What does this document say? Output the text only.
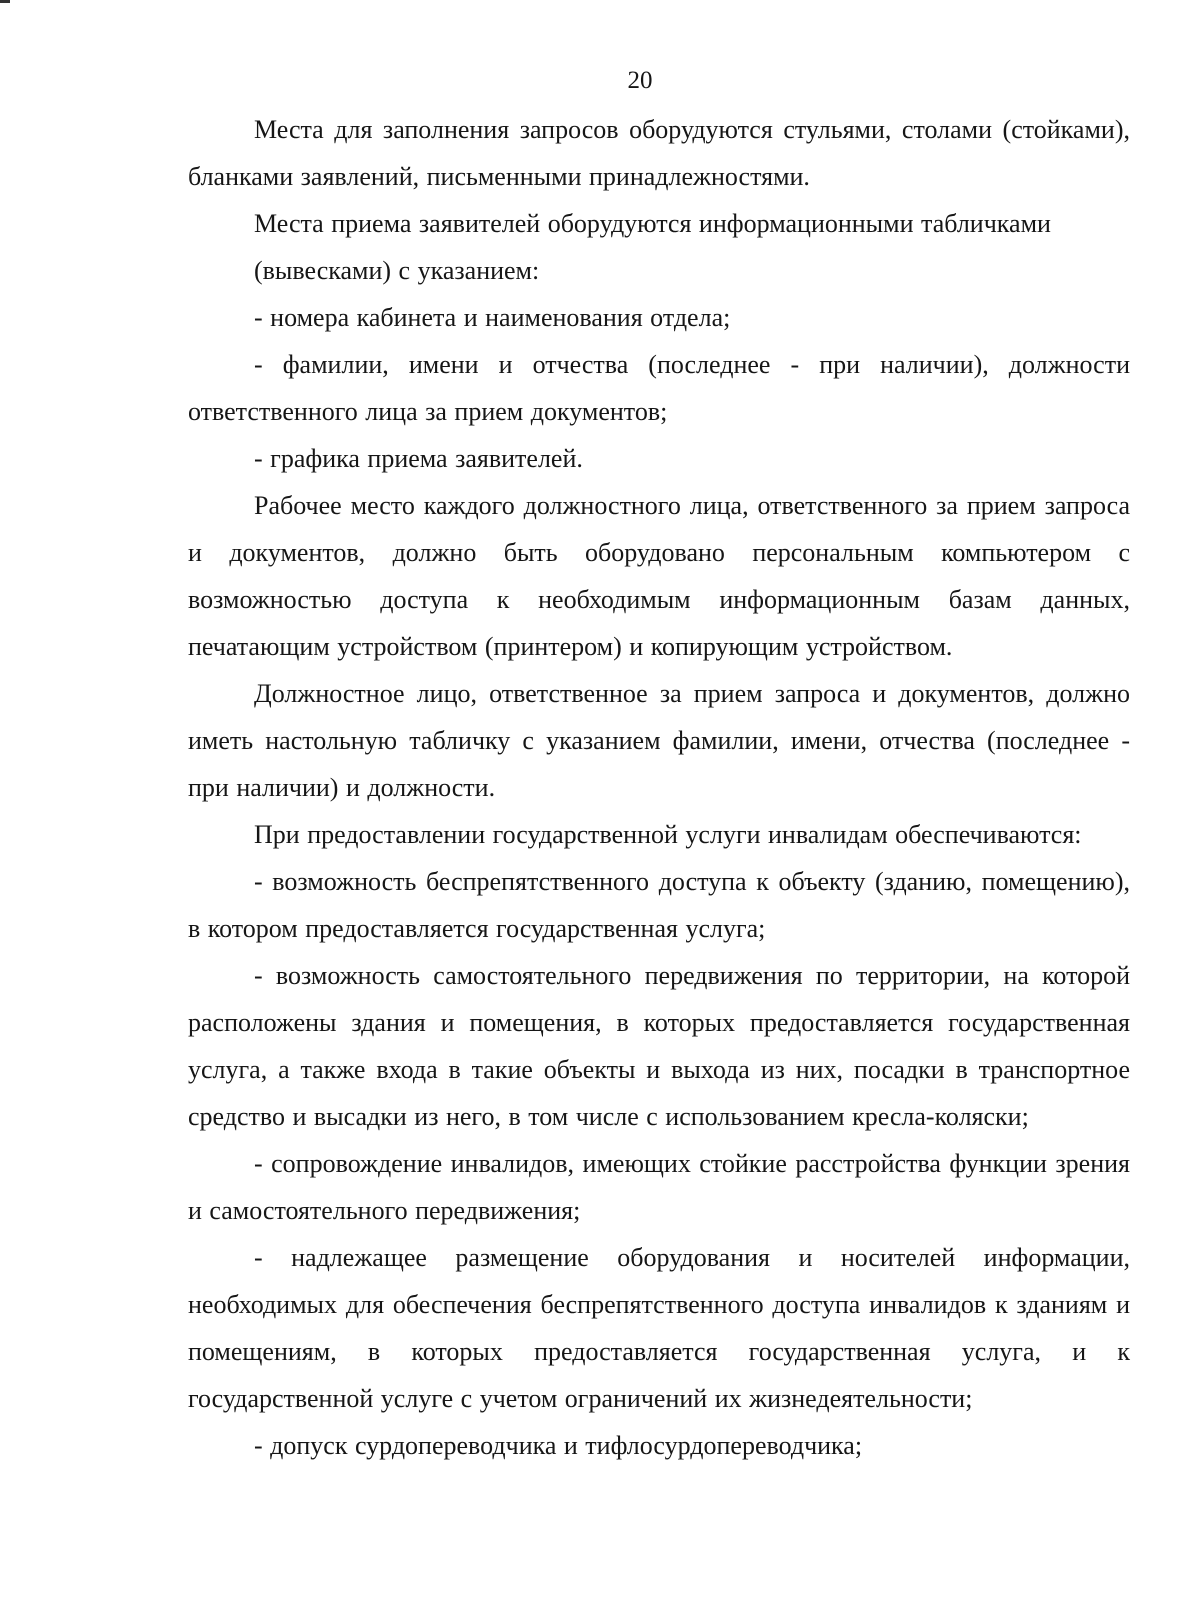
20

Места для заполнения запросов оборудуются стульями, столами (стойками), бланками заявлений, письменными принадлежностями.

Места приема заявителей оборудуются информационными табличками

(вывесками) с указанием:

- номера кабинета и наименования отдела;

- фамилии, имени и отчества (последнее - при наличии), должности ответственного лица за прием документов;

- графика приема заявителей.

Рабочее место каждого должностного лица, ответственного за прием запроса и документов, должно быть оборудовано персональным компьютером с возможностью доступа к необходимым информационным базам данных, печатающим устройством (принтером) и копирующим устройством.

Должностное лицо, ответственное за прием запроса и документов, должно иметь настольную табличку с указанием фамилии, имени, отчества (последнее - при наличии) и должности.

При предоставлении государственной услуги инвалидам обеспечиваются:

- возможность беспрепятственного доступа к объекту (зданию, помещению), в котором предоставляется государственная услуга;

- возможность самостоятельного передвижения по территории, на которой расположены здания и помещения, в которых предоставляется государственная услуга, а также входа в такие объекты и выхода из них, посадки в транспортное средство и высадки из него, в том числе с использованием кресла-коляски;

- сопровождение инвалидов, имеющих стойкие расстройства функции зрения и самостоятельного передвижения;

- надлежащее размещение оборудования и носителей информации, необходимых для обеспечения беспрепятственного доступа инвалидов к зданиям и помещениям, в которых предоставляется государственная услуга, и к государственной услуге с учетом ограничений их жизнедеятельности;

- допуск сурдопереводчика и тифлосурдопереводчика;
